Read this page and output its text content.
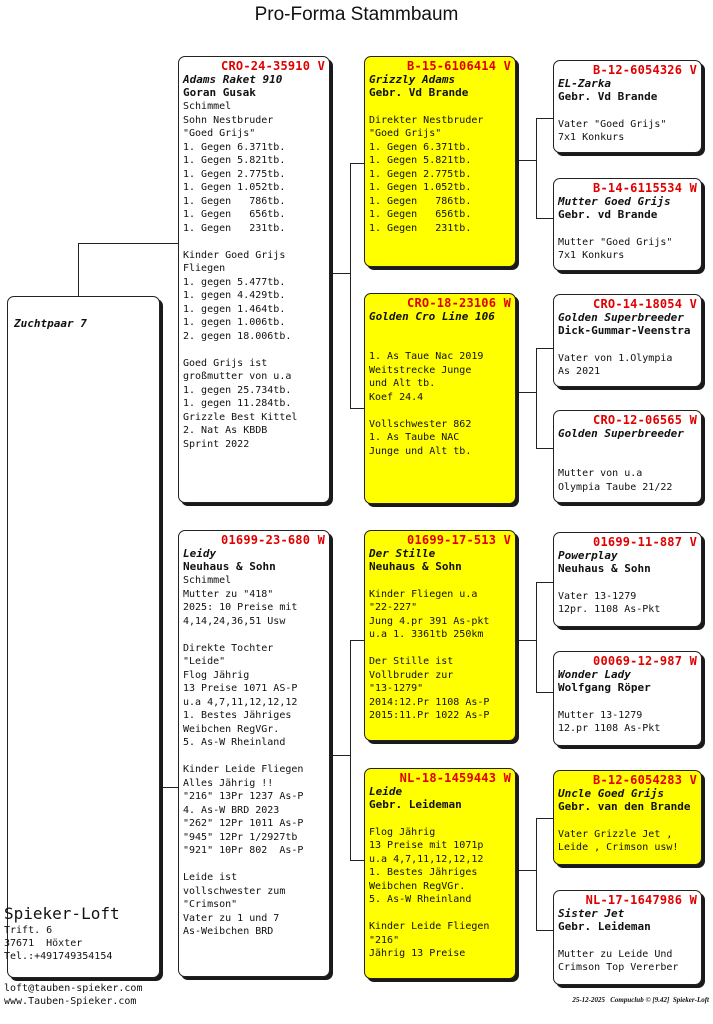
Pro-Forma Stammbaum
Zuchtpaar 7
CRO-24-35910 V
Adams Raket 910
Goran Gusak
Schimmel
Sohn Nestbruder
"Goed Grijs"
1. Gegen 6.371tb.
1. Gegen 5.821tb.
1. Gegen 2.775tb.
1. Gegen 1.052tb.
1. Gegen   786tb.
1. Gegen   656tb.
1. Gegen   231tb.

Kinder Goed Grijs
Fliegen
1. gegen 5.477tb.
1. gegen 4.429tb.
1. gegen 1.464tb.
1. gegen 1.006tb.
2. gegen 18.006tb.

Goed Grijs ist
großmutter von u.a
1. gegen 25.734tb.
1. gegen 11.284tb.
Grizzle Best Kittel
2. Nat As KBDB
Sprint 2022
01699-23-680 W
Leidy
Neuhaus & Sohn
Schimmel
Mutter zu "418"
2025: 10 Preise mit
4,14,24,36,51 Usw

Direkte Tochter
"Leide"
Flog Jährig
13 Preise 1071 AS-P
u.a 4,7,11,12,12,12
1. Bestes Jähriges
Weibchen RegVGr.
5. As-W Rheinland

Kinder Leide Fliegen
Alles Jährig !!
"216" 13Pr 1237 As-P
4. As-W BRD 2023
"262" 12Pr 1011 As-P
"945" 12Pr 1/2927tb
"921" 10Pr 802  As-P

Leide ist
vollschwester zum
"Crimson"
Vater zu 1 und 7
As-Weibchen BRD
B-15-6106414 V
Grizzly Adams
Gebr. Vd Brande

Direkter Nestbruder
"Goed Grijs"
1. Gegen 6.371tb.
1. Gegen 5.821tb.
1. Gegen 2.775tb.
1. Gegen 1.052tb.
1. Gegen   786tb.
1. Gegen   656tb.
1. Gegen   231tb.
CRO-18-23106 W
Golden Cro Line 106

1. As Taue Nac 2019
Weitstrecke Junge
und Alt tb.
Koef 24.4

Vollschwester 862
1. As Taube NAC
Junge und Alt tb.
01699-17-513 V
Der Stille
Neuhaus & Sohn

Kinder Fliegen u.a
"22-227"
Jung 4.pr 391 As-pkt
u.a 1. 3361tb 250km

Der Stille ist
Vollbruder zur
"13-1279"
2014:12.Pr 1108 As-P
2015:11.Pr 1022 As-P
NL-18-1459443 W
Leide
Gebr. Leideman

Flog Jährig
13 Preise mit 1071p
u.a 4,7,11,12,12,12
1. Bestes Jähriges
Weibchen RegVGr.
5. As-W Rheinland

Kinder Leide Fliegen
"216"
Jährig 13 Preise
B-12-6054326 V
EL-Zarka
Gebr. Vd Brande

Vater "Goed Grijs"
7x1 Konkurs
B-14-6115534 W
Mutter Goed Grijs
Gebr. vd Brande

Mutter "Goed Grijs"
7x1 Konkurs
CRO-14-18054 V
Golden Superbreeder
Dick-Gummar-Veenstra

Vater von 1.Olympia
As 2021
CRO-12-06565 W
Golden Superbreeder

Mutter von u.a
Olympia Taube 21/22
01699-11-887 V
Powerplay
Neuhaus & Sohn

Vater 13-1279
12pr. 1108 As-Pkt
00069-12-987 W
Wonder Lady
Wolfgang Röper

Mutter 13-1279
12.pr 1108 As-Pkt
B-12-6054283 V
Uncle Goed Grijs
Gebr. van den Brande

Vater Grizzle Jet ,
Leide , Crimson usw!
NL-17-1647986 W
Sister Jet
Gebr. Leideman

Mutter zu Leide Und
Crimson Top Vererber
Spieker-Loft
Trift. 6
37671  Höxter
Tel.:+491749354154
loft@tauben-spieker.com
www.Tauben-Spieker.com	25-12-2025   Compuclub © [9.42]  Spieker-Loft
